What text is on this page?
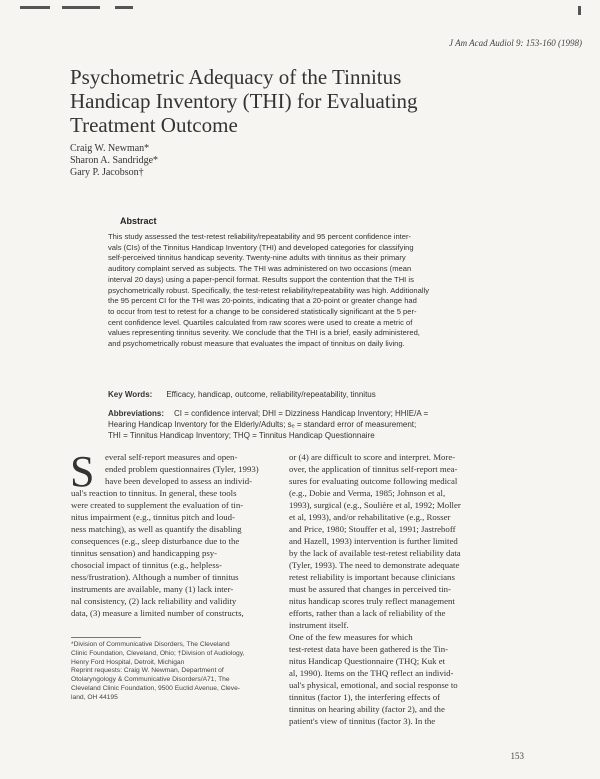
J Am Acad Audiol 9: 153-160 (1998)
Psychometric Adequacy of the Tinnitus
Handicap Inventory (THI) for Evaluating
Treatment Outcome
Craig W. Newman*
Sharon A. Sandridge*
Gary P. Jacobson†
Abstract
This study assessed the test-retest reliability/repeatability and 95 percent confidence inter-
vals (CIs) of the Tinnitus Handicap Inventory (THI) and developed categories for classifying
self-perceived tinnitus handicap severity. Twenty-nine adults with tinnitus as their primary
auditory complaint served as subjects. The THI was administered on two occasions (mean
interval 20 days) using a paper-pencil format. Results support the contention that the THI is
psychometrically robust. Specifically, the test-retest reliability/repeatability was high. Additionally
the 95 percent CI for the THI was 20-points, indicating that a 20-point or greater change had
to occur from test to retest for a change to be considered statistically significant at the 5 per-
cent confidence level. Quartiles calculated from raw scores were used to create a metric of
values representing tinnitus severity. We conclude that the THI is a brief, easily administered,
and psychometrically robust measure that evaluates the impact of tinnitus on daily living.
Key Words: Efficacy, handicap, outcome, reliability/repeatability, tinnitus
Abbreviations: CI = confidence interval; DHI = Dizziness Handicap Inventory; HHIE/A =
Hearing Handicap Inventory for the Elderly/Adults; sₑ = standard error of measurement;
THI = Tinnitus Handicap Inventory; THQ = Tinnitus Handicap Questionnaire
S	everal self-report measures and open-
ended problem questionnaires (Tyler, 1993)
have been developed to assess an individ-
ual's reaction to tinnitus. In general, these tools
were created to supplement the evaluation of tin-
nitus impairment (e.g., tinnitus pitch and loud-
ness matching), as well as quantify the disabling
consequences (e.g., sleep disturbance due to the
tinnitus sensation) and handicapping psy-
chosocial impact of tinnitus (e.g., helpless-
ness/frustration). Although a number of tinnitus
instruments are available, many (1) lack inter-
nal consistency, (2) lack reliability and validity
data, (3) measure a limited number of constructs,
or (4) are difficult to score and interpret. More-
over, the application of tinnitus self-report mea-
sures for evaluating outcome following medical
(e.g., Dobie and Verma, 1985; Johnson et al,
1993), surgical (e.g., Soulière et al, 1992; Moller
et al, 1993), and/or rehabilitative (e.g., Rosser
and Price, 1980; Stouffer et al, 1991; Jastreboff
and Hazell, 1993) intervention is further limited
by the lack of available test-retest reliability data
(Tyler, 1993). The need to demonstrate adequate
retest reliability is important because clinicians
must be assured that changes in perceived tin-
nitus handicap scores truly reflect management
efforts, rather than a lack of reliability of the
instrument itself.
One of the few measures for which
test-retest data have been gathered is the Tin-
nitus Handicap Questionnaire (THQ; Kuk et
al, 1990). Items on the THQ reflect an individ-
ual's physical, emotional, and social response to
tinnitus (factor 1), the interfering effects of
tinnitus on hearing ability (factor 2), and the
patient's view of tinnitus (factor 3). In the
*Division of Communicative Disorders, The Cleveland
Clinic Foundation, Cleveland, Ohio; †Division of Audiology,
Henry Ford Hospital, Detroit, Michigan
Reprint requests: Craig W. Newman, Department of
Otolaryngology & Communicative Disorders/A71, The
Cleveland Clinic Foundation, 9500 Euclid Avenue, Cleve-
land, OH 44195
153
